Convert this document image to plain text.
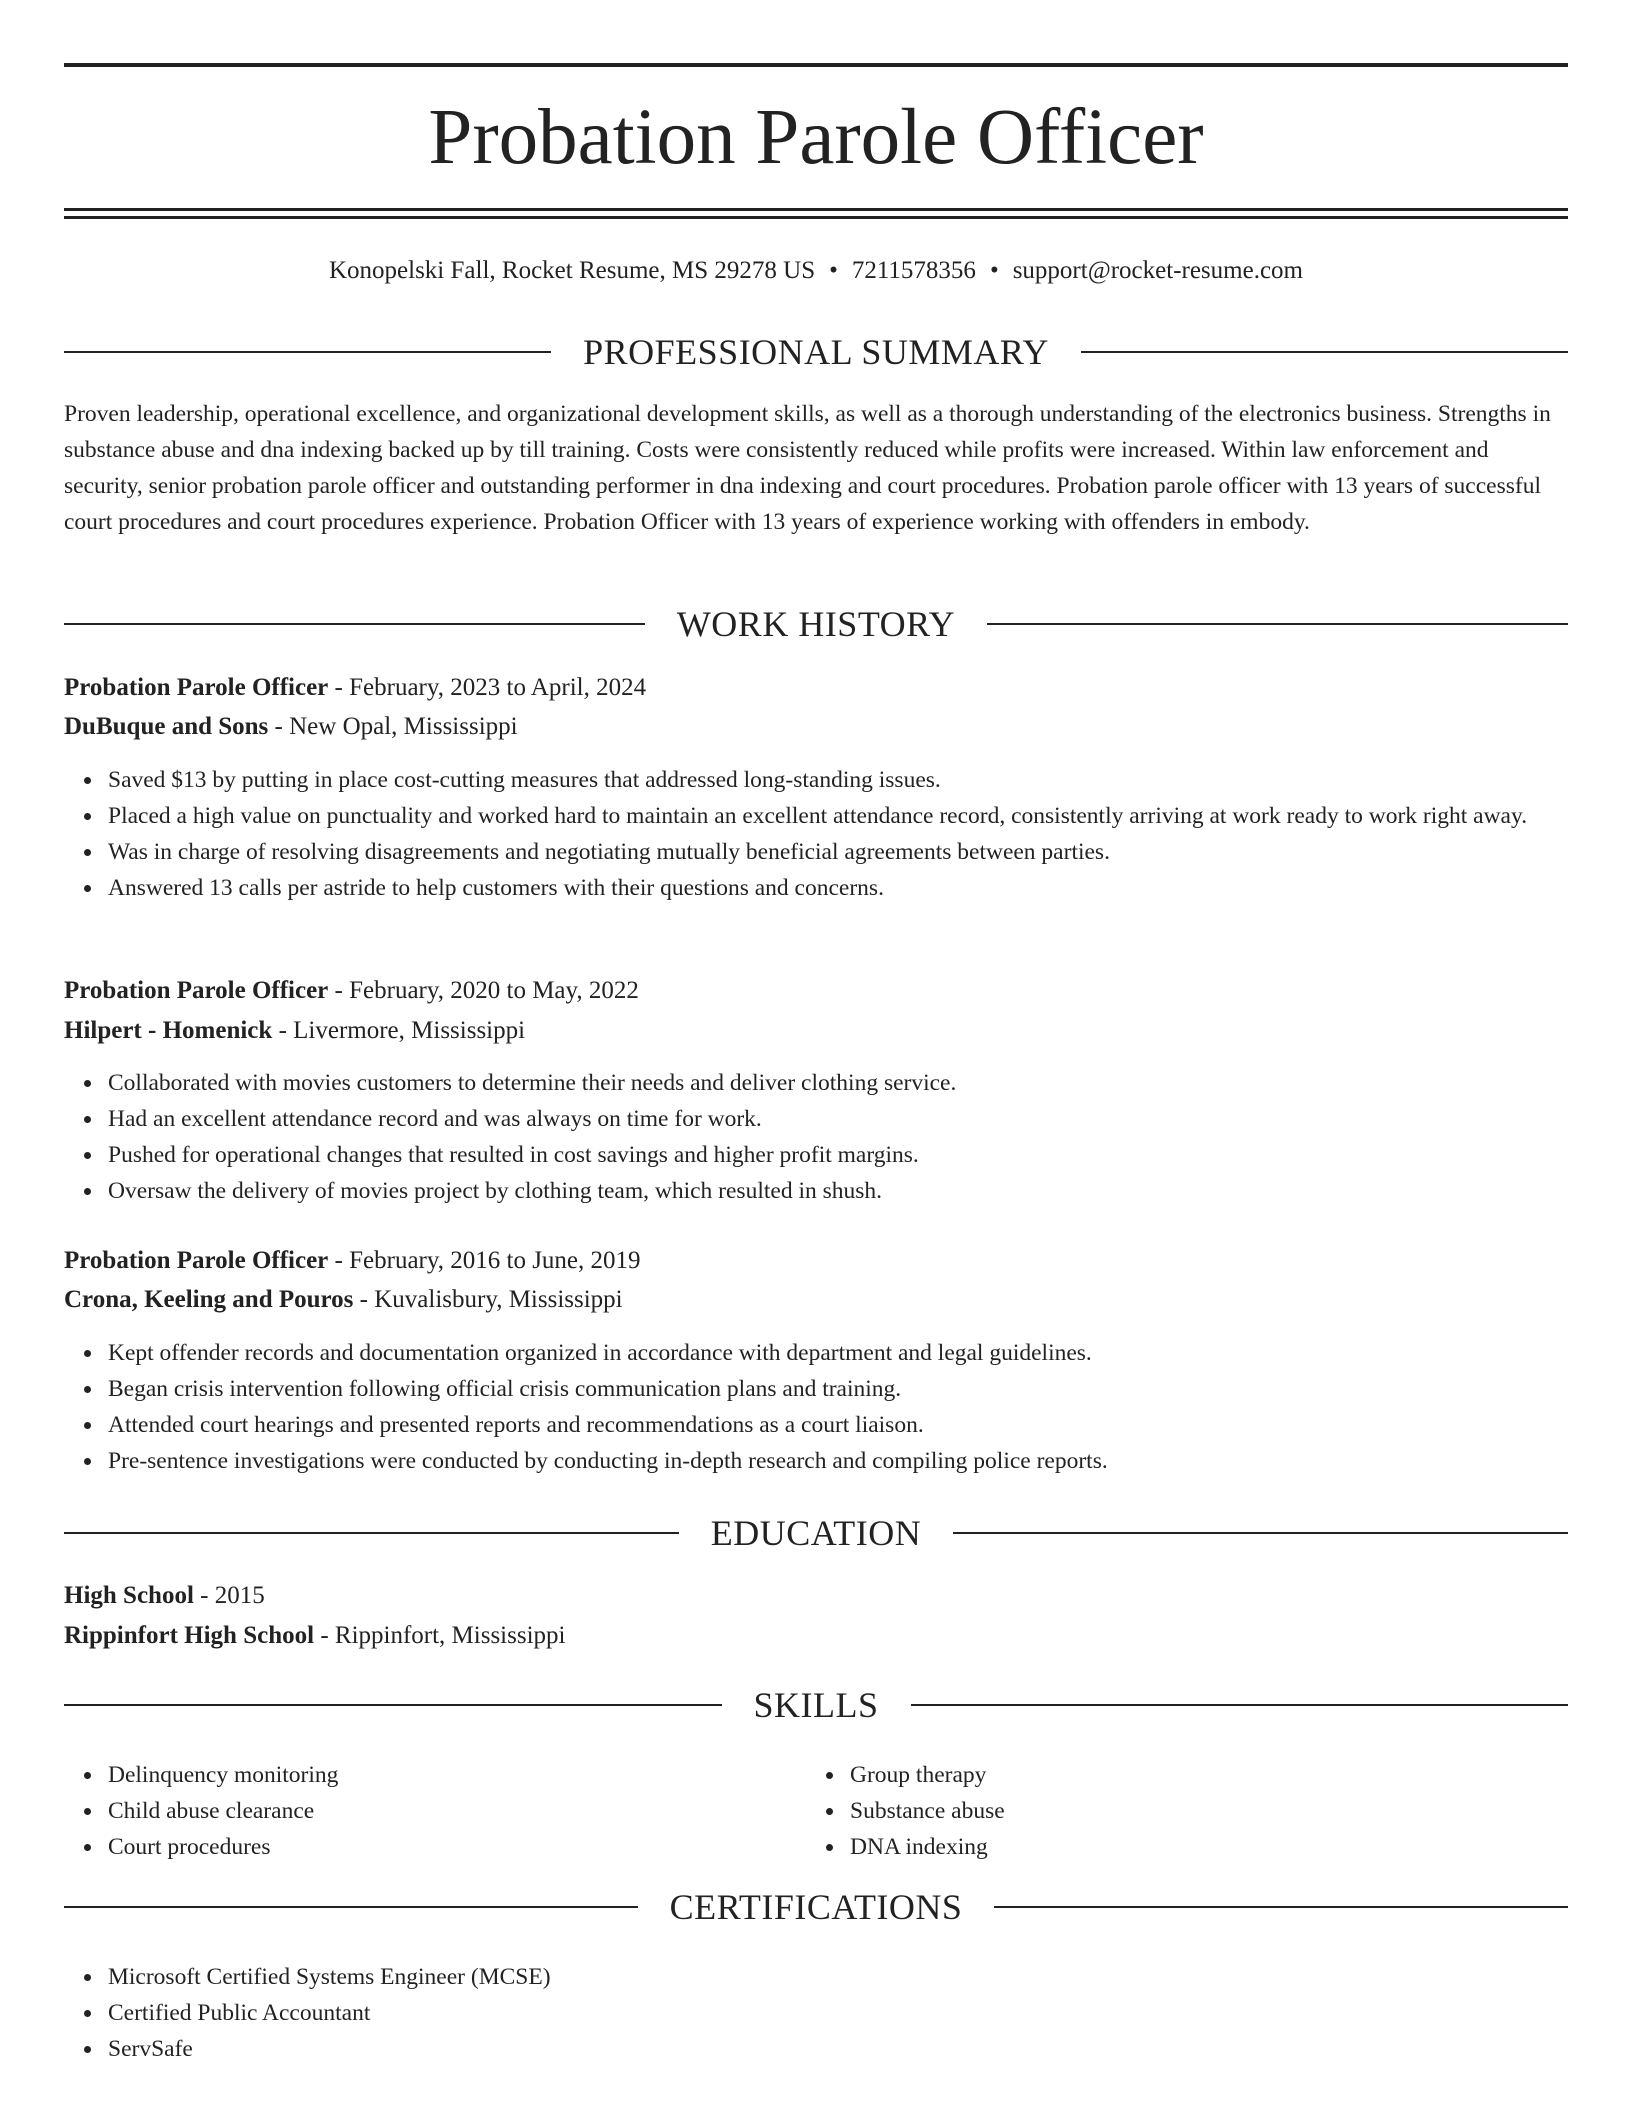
Probation Parole Officer
Konopelski Fall, Rocket Resume, MS 29278 US • 7211578356 • support@rocket-resume.com
PROFESSIONAL SUMMARY

Proven leadership, operational excellence, and organizational development skills, as well as a thorough understanding of the electronics business. Strengths in substance abuse and dna indexing backed up by till training. Costs were consistently reduced while profits were increased. Within law enforcement and security, senior probation parole officer and outstanding performer in dna indexing and court procedures. Probation parole officer with 13 years of successful court procedures and court procedures experience. Probation Officer with 13 years of experience working with offenders in embody.

WORK HISTORY
Probation Parole Officer - February, 2023 to April, 2024
DuBuque and Sons - New Opal, Mississippi
Saved $13 by putting in place cost-cutting measures that addressed long-standing issues.
Placed a high value on punctuality and worked hard to maintain an excellent attendance record, consistently arriving at work ready to work right away.
Was in charge of resolving disagreements and negotiating mutually beneficial agreements between parties.
Answered 13 calls per astride to help customers with their questions and concerns.
Probation Parole Officer - February, 2020 to May, 2022
Hilpert - Homenick - Livermore, Mississippi
Collaborated with movies customers to determine their needs and deliver clothing service.
Had an excellent attendance record and was always on time for work.
Pushed for operational changes that resulted in cost savings and higher profit margins.
Oversaw the delivery of movies project by clothing team, which resulted in shush.
Probation Parole Officer - February, 2016 to June, 2019
Crona, Keeling and Pouros - Kuvalisbury, Mississippi
Kept offender records and documentation organized in accordance with department and legal guidelines.
Began crisis intervention following official crisis communication plans and training.
Attended court hearings and presented reports and recommendations as a court liaison.
Pre-sentence investigations were conducted by conducting in-depth research and compiling police reports.
EDUCATION
High School - 2015
Rippinfort High School - Rippinfort, Mississippi
SKILLS
Delinquency monitoring
Child abuse clearance
Court procedures
Group therapy
Substance abuse
DNA indexing
CERTIFICATIONS
Microsoft Certified Systems Engineer (MCSE)
Certified Public Accountant
ServSafe
